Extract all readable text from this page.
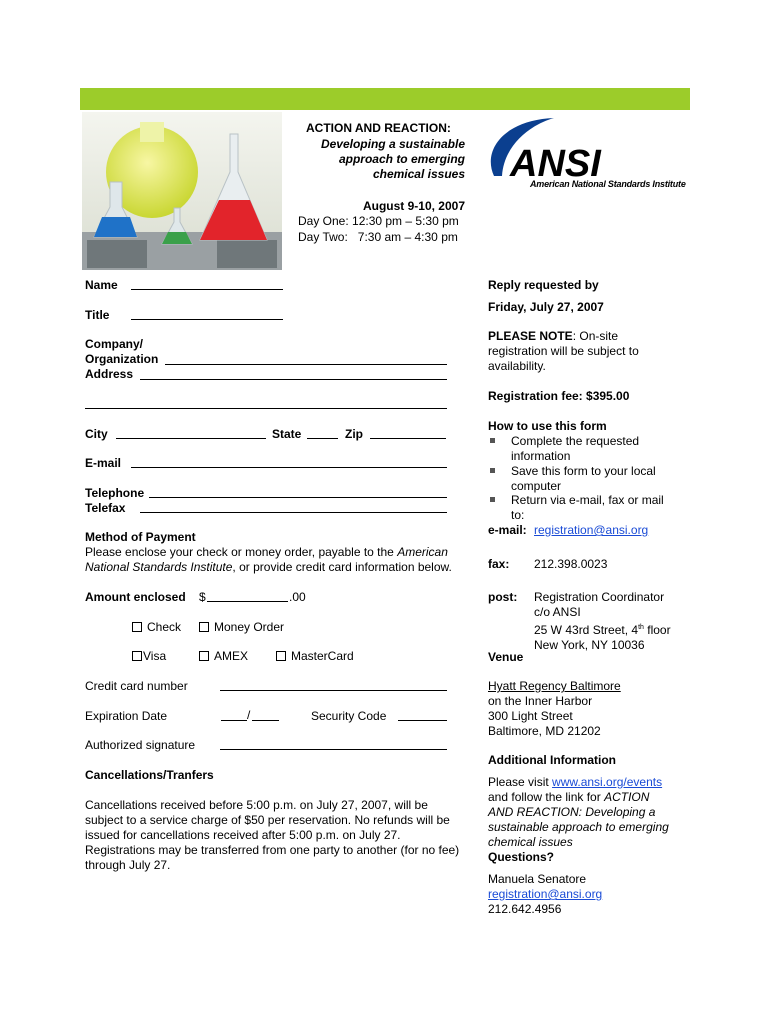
ACTION AND REACTION:
Developing a sustainable
approach to emerging
chemical issues
August 9-10, 2007
Day One: 12:30 pm – 5:30 pm
Day Two:   7:30 am – 4:30 pm
ANSI
American National Standards Institute
Name
Title
Company/
Organization
Address
City	State	Zip
E-mail
Telephone
Telefax
Method of Payment
Please enclose your check or money order, payable to the American
National Standards Institute, or provide credit card information below.
Amount enclosed $	.00
Check	Money Order
Visa	AMEX	MasterCard
Credit card number
Expiration Date	/	Security Code
Authorized signature
Cancellations/Tranfers
Cancellations received before 5:00 p.m. on July 27, 2007, will be
subject to a service charge of $50 per reservation. No refunds will be
issued for cancellations received after 5:00 p.m. on July 27.
Registrations may be transferred from one party to another (for no fee)
through July 27.
Reply requested by
Friday, July 27, 2007
PLEASE NOTE: On-site
registration will be subject to
availability.
Registration fee: $395.00
How to use this form
Complete the requested
information
Save this form to your local
computer
Return via e-mail, fax or mail
to:
e-mail: registration@ansi.org
fax: 212.398.0023
post: Registration Coordinator
c/o ANSI
25 W 43rd Street, 4th floor
New York, NY 10036
Venue
Hyatt Regency Baltimore
on the Inner Harbor
300 Light Street
Baltimore, MD 21202
Additional Information
Please visit www.ansi.org/events
and follow the link for ACTION
AND REACTION: Developing a
sustainable approach to emerging
chemical issues
Questions?
Manuela Senatore
registration@ansi.org
212.642.4956
